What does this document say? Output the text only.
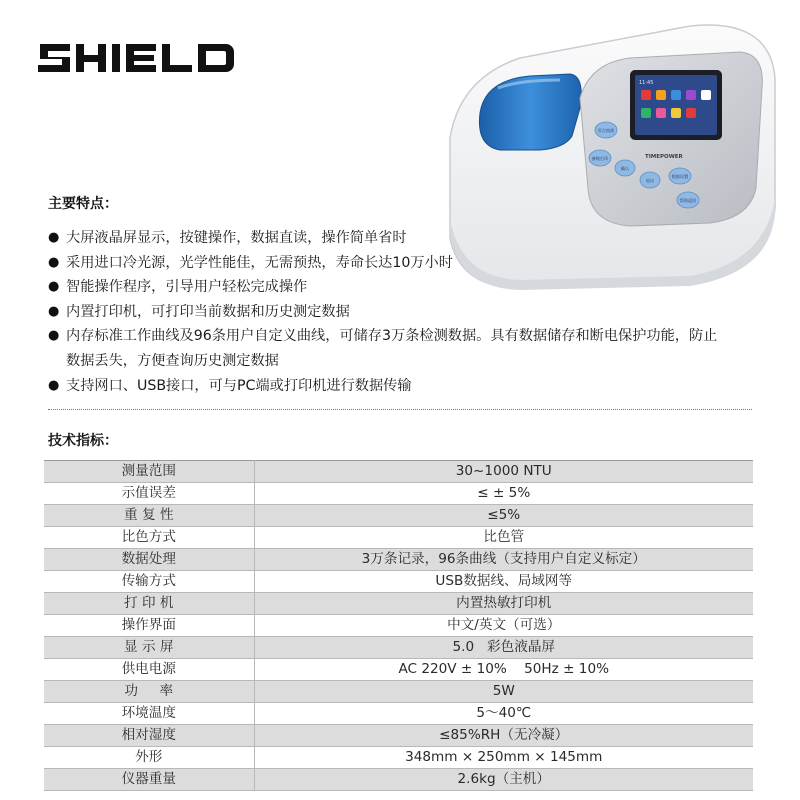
11:45
TIMEPOWER
零点校准
参数打印
确认
退出
数据设置
帮助返回
主要特点：
● 大屏液晶屏显示，按键操作，数据直读，操作简单省时
● 采用进口冷光源，光学性能佳，无需预热，寿命长达10万小时
● 智能操作程序，引导用户轻松完成操作
● 内置打印机，可打印当前数据和历史测定数据
● 内存标准工作曲线及96条用户自定义曲线，可储存3万条检测数据。具有数据储存和断电保护功能，防止数据丢失，方便查询历史测定数据
● 支持网口、USB接口，可与PC端或打印机进行数据传输
技术指标：
测量范围	30~1000 NTU
示值误差	≤ ± 5%
重 复 性	≤5%
比色方式	比色管
数据处理	3万条记录，96条曲线（支持用户自定义标定）
传输方式	USB数据线、局域网等
打 印 机	内置热敏打印机
操作界面	中文/英文（可选）
显 示 屏	5.0   彩色液晶屏
供电电源	AC 220V ± 10%    50Hz ± 10%
功     率	5W
环境温度	5～40℃
相对湿度	≤85%RH（无冷凝）
外形	348mm × 250mm × 145mm
仪器重量	2.6kg（主机）
